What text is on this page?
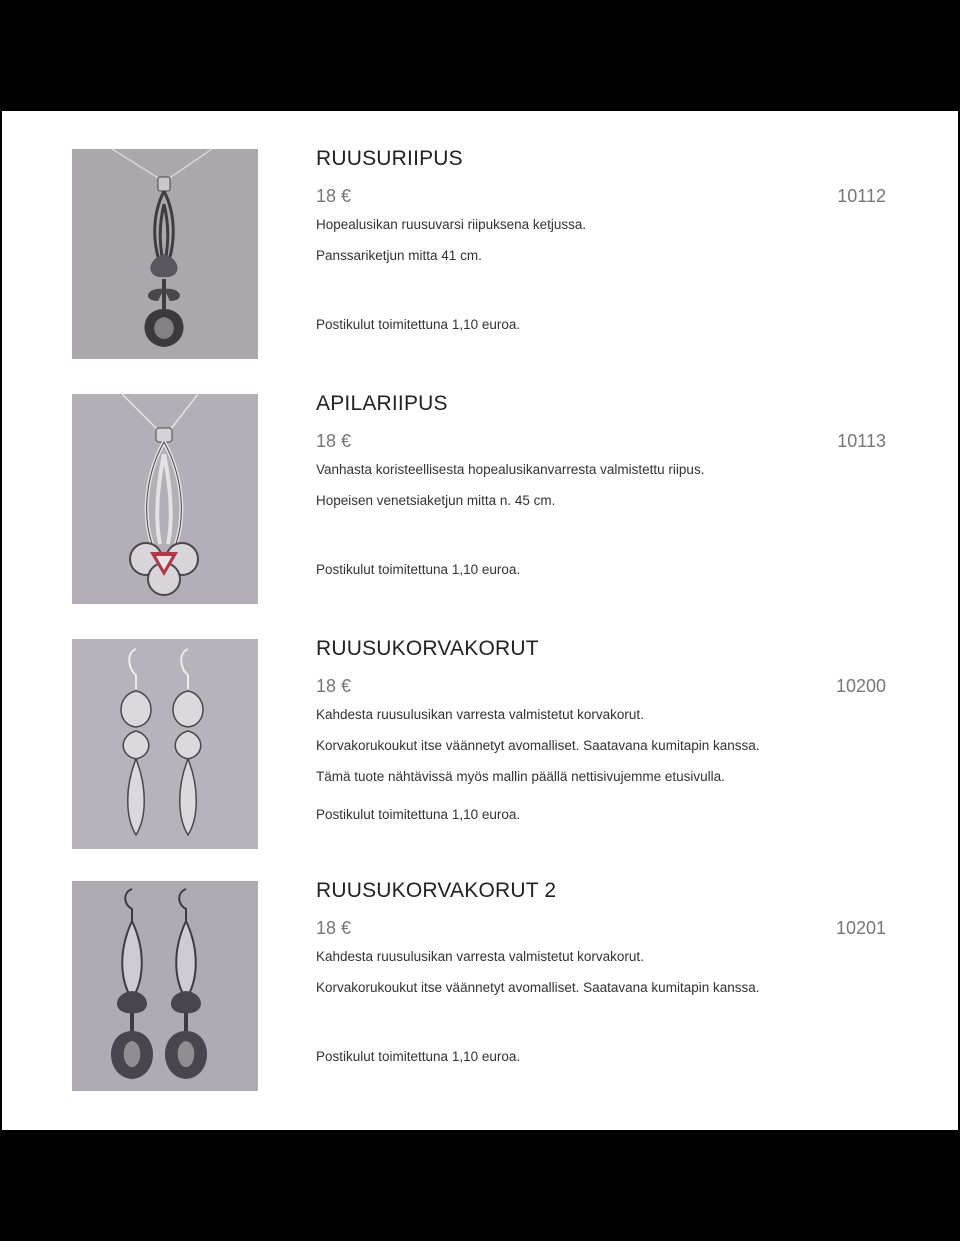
RUUSURIIPUS
18 €	10112
Hopealusikan ruusuvarsi riipuksena ketjussa.
Panssariketjun mitta 41 cm.
Postikulut toimitettuna 1,10 euroa.
APILARIIPUS
18 €	10113
Vanhasta koristeellisesta hopealusikanvarresta valmistettu riipus.
Hopeisen venetsiaketjun mitta n. 45 cm.
Postikulut toimitettuna 1,10 euroa.
RUUSUKORVAKORUT
18 €	10200
Kahdesta ruusulusikan varresta valmistetut korvakorut.
Korvakorukoukut itse väännetyt avomalliset. Saatavana kumitapin kanssa.
Tämä tuote nähtävissä myös mallin päällä nettisivujemme etusivulla.
Postikulut toimitettuna 1,10 euroa.
RUUSUKORVAKORUT 2
18 €	10201
Kahdesta ruusulusikan varresta valmistetut korvakorut.
Korvakorukoukut itse väännetyt avomalliset. Saatavana kumitapin kanssa.
Postikulut toimitettuna 1,10 euroa.
